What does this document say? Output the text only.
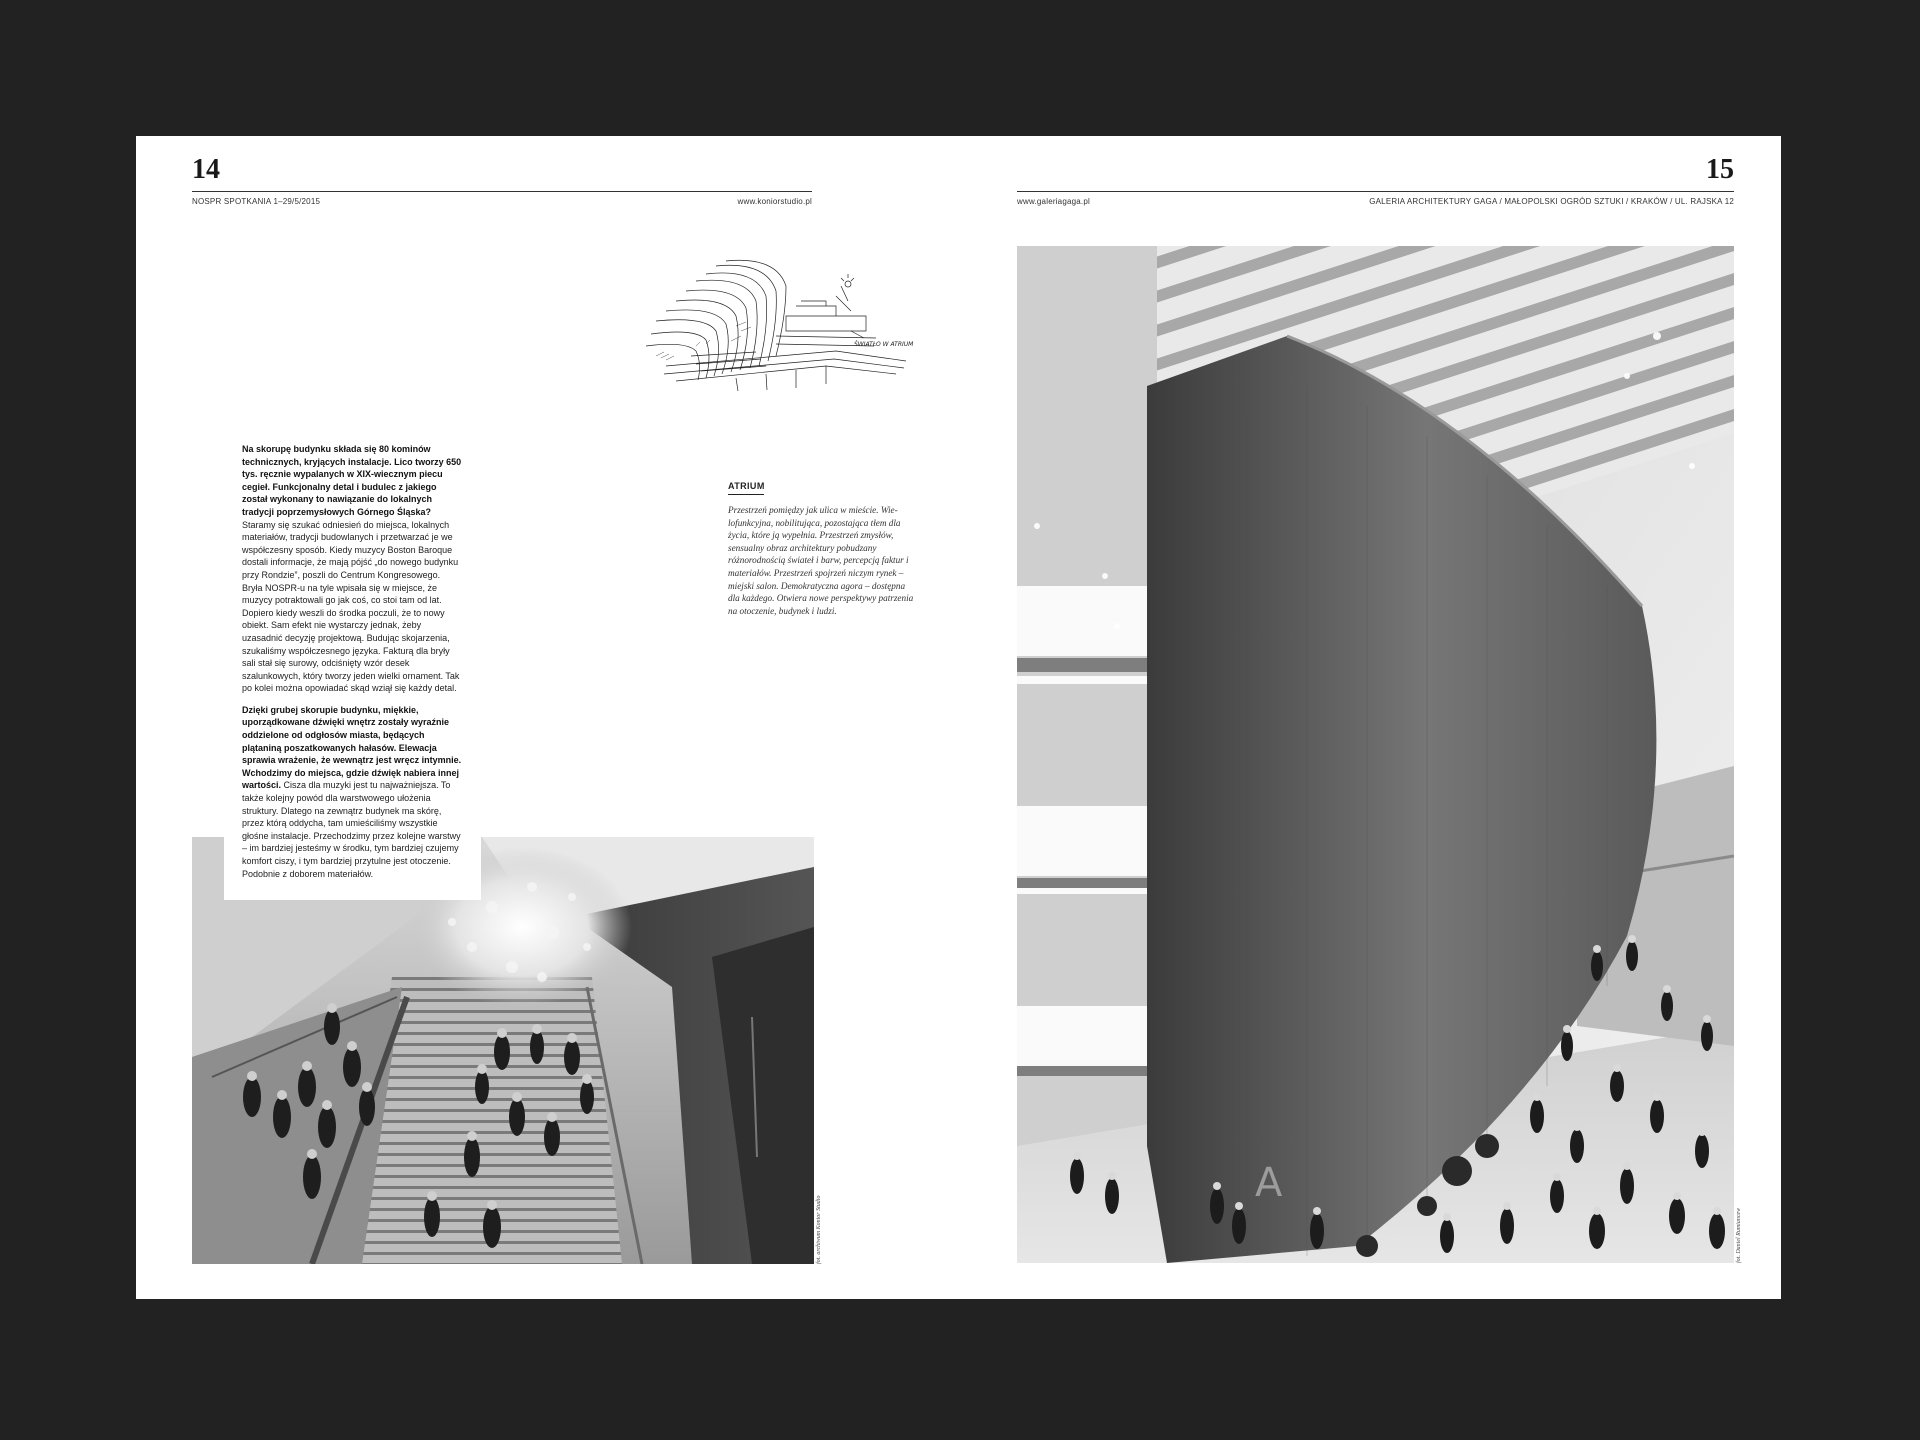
14
NOSPR SPOTKANIA 1–29/5/2015	www.koniorstudio.pl
ŚWIATŁO W ATRIUM
fot. archiwum Konior Studio

Na skorupę budynku składa się 80 kominów technicznych, kryjących instalacje. Lico tworzy 650 tys. ręcznie wypalanych w XIX-wiecznym piecu cegieł. Funkcjonalny detal i budulec z jakiego został wykonany to nawiązanie do lokalnych tradycji poprzemysłowych Górnego Śląska? Staramy się szukać odniesień do miejsca, lokalnych materiałów, tradycji budowlanych i przetwarzać je we współczesny sposób. Kiedy muzycy Boston Baroque dostali informacje, że mają pójść „do nowego budynku przy Rondzie”, poszli do Centrum Kongresowego. Bryła NOSPR-u na tyle wpisała się w miejsce, że muzycy potraktowali go jak coś, co stoi tam od lat. Dopiero kiedy weszli do środka poczuli, że to nowy obiekt. Sam efekt nie wystarczy jednak, żeby uzasadnić decyzję projektową. Budując skojarzenia, szukaliśmy współczesnego języka. Fakturą dla bryły sali stał się surowy, odciśnięty wzór desek szalunkowych, który tworzy jeden wielki ornament. Tak po kolei można opowiadać skąd wziął się każdy detal.

Dzięki grubej skorupie budynku, miękkie, uporządkowane dźwięki wnętrz zostały wyraźnie oddzielone od odgłosów miasta, będących plątaniną poszatkowanych hałasów. Elewacja sprawia wrażenie, że wewnątrz jest wręcz intymnie. Wchodzimy do miejsca, gdzie dźwięk nabiera innej wartości. Cisza dla muzyki jest tu najważniejsza. To także kolejny powód dla warstwowego ułożenia struktury. Dlatego na zewnątrz budynek ma skórę, przez którą oddycha, tam umieściliśmy wszystkie głośne instalacje. Przechodzimy przez kolejne warstwy – im bardziej jesteśmy w środku, tym bardziej czujemy komfort ciszy, i tym bardziej przytulne jest otoczenie. Podobnie z doborem materiałów.

ATRIUM
Przestrzeń pomiędzy jak ulica w mieście. Wielofunkcyjna, nobilitująca, pozostająca tłem dla życia, które ją wypełnia. Przestrzeń zmysłów, sensualny obraz architektury pobudzany różnorodnością świateł i barw, percepcją faktur i materiałów. Przestrzeń spojrzeń niczym rynek – miejski salon. Demokratyczna agora – dostępna dla każdego. Otwiera nowe perspektywy patrzenia na otoczenie, budynek i ludzi.
15
www.galeriagaga.pl	GALERIA ARCHITEKTURY GAGA / MAŁOPOLSKI OGRÓD SZTUKI / KRAKÓW / UL. RAJSKA 12
A
fot. Daniel Rumiancew
